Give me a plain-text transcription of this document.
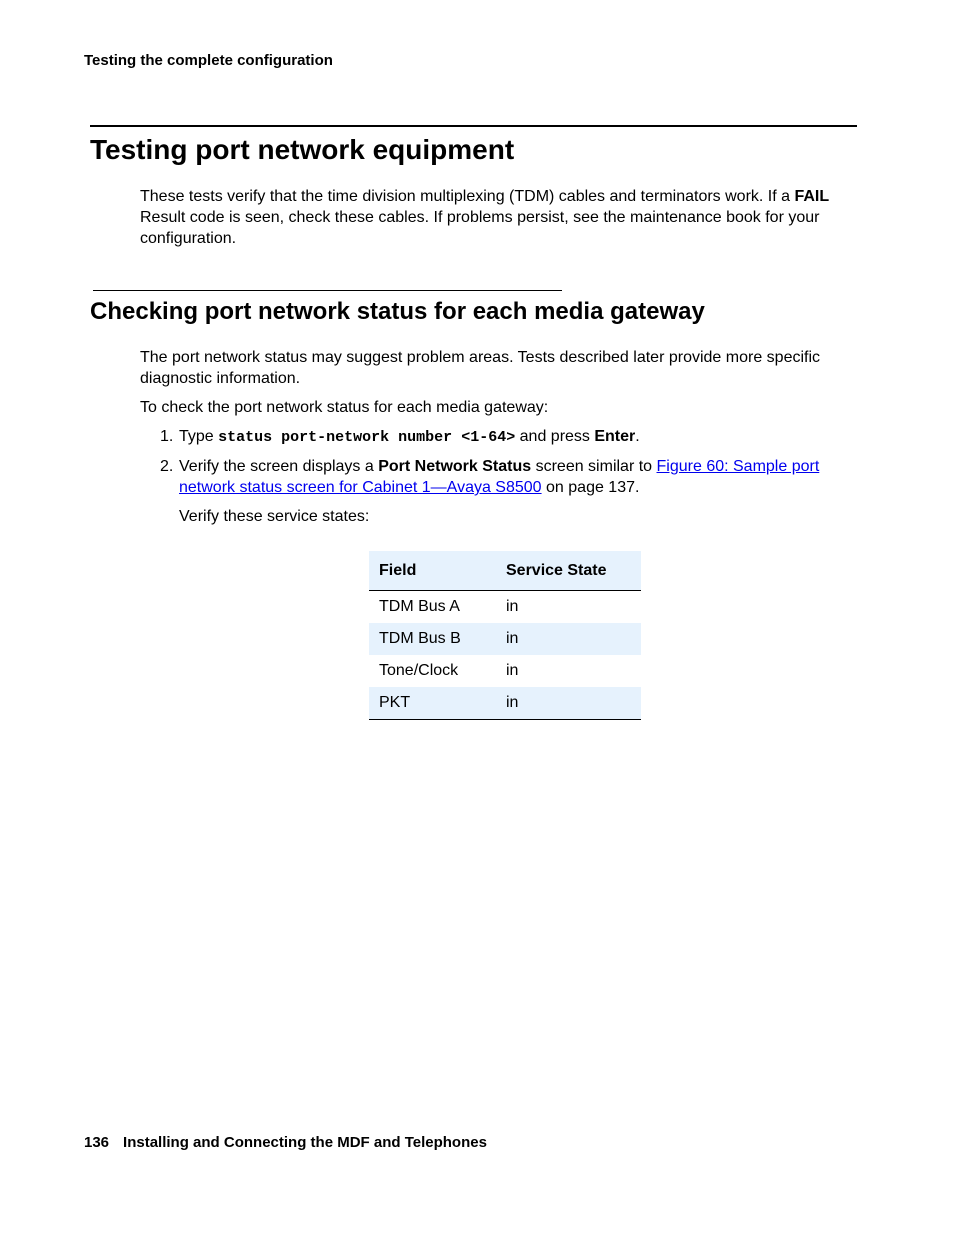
Testing the complete configuration
Testing port network equipment

These tests verify that the time division multiplexing (TDM) cables and terminators work. If a FAIL Result code is seen, check these cables. If problems persist, see the maintenance book for your configuration.

Checking port network status for each media gateway

The port network status may suggest problem areas. Tests described later provide more specific diagnostic information.

To check the port network status for each media gateway:

1. Type status port-network number <1-64> and press Enter.
2. Verify the screen displays a Port Network Status screen similar to Figure 60: Sample port
network status screen for Cabinet 1—Avaya S8500 on page 137.

Verify these service states:

Field	Service State
TDM Bus A	in
TDM Bus B	in
Tone/Clock	in
PKT	in
136 Installing and Connecting the MDF and Telephones
